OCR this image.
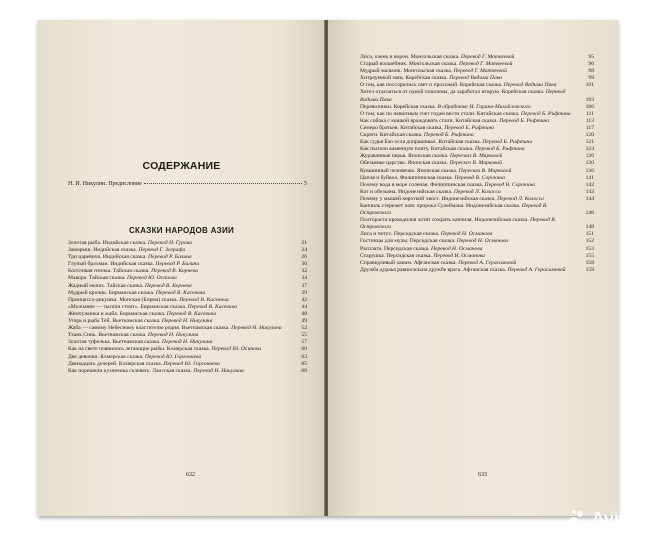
СОДЕРЖАНИЕ
Н. И. Никулин. Предисловие	5
СКАЗКИ НАРОДОВ АЗИИ
Золотая рыба. Индийская сказка. Перевод Н. Гурова	21
Заморыш. Индийская сказка. Перевод Г. Зографа	24
Три царевича. Индийская сказка. Перевод Р. Балина	26
Глупый брахман. Индийская сказка. Перевод Р. Балина	30
Болтливая птичка. Тайская сказка. Перевод В. Корнева	32
Мавора. Тайская сказка. Перевод Ю. Осипова	34
Жадный монах. Тайская сказка. Перевод В. Корнева	37
Мудрый кролик. Бирманская сказка. Перевод В. Касевича	39
Принцесса-дикушка. Монская (Бирма) сказка. Перевод В. Касевича	42
«Молчание — тысячи стоит». Бирманская сказка. Перевод В. Касевича	44
Жемчужинка и жаба. Бирманская сказка. Перевод В. Касевича	48
Угорь и рыба Тей. Вьетнамская сказка. Перевод Н. Никулина	49
Жаба — самому Небесному властителю родня. Вьетнамская сказка. Перевод Н. Никулина	52
Тхань Синь. Вьетнамская сказка. Перевод Н. Никулина	55
Золотая туфелька. Вьетнамская сказка. Перевод Н. Никулина	57
Как на свете появились летающие рыбы. Кхмерская сказка. Перевод Ю. Осипова	60
Две девочки. Кхмерская сказка. Перевод Ю. Горгониева	63
Двенадцать дочерей. Кхмерская сказка. Перевод Ю. Горгониева	65
Как порешили кузнечика склевать. Лаосская сказка. Перевод Н. Никулина	68
632
Лиса, олень и ворон. Монгольская сказка. Перевод Г. Матвеевой	95
Старый волшебник. Монгольская сказка. Перевод Г. Матвеевой	96
Мудрый мальчик. Монгольская сказка. Перевод Г. Матвеевой	98
Хитроумный заяц. Корейская сказка. Перевод Вадима Пака	99
О том, как поссорились свет и прохожий. Корейская сказка. Перевод Вадима Пака	101
Хотел отделаться от одной пошлины, да заработал вторую. Корейская сказка. Перевод Вадима Пака	103
Перевозчики. Корейская сказка. В обработке Н. Гарина-Михайловского	106
О том, как по животным счет годам вести стали. Китайская сказка. Перевод Б. Рифтина	111
Как собака с кошкой враждовать стали. Китайская сказка. Перевод Б. Рифтина	113
Семеро братьев. Китайская сказка. Перевод Б. Рифтина	117
Скряги. Китайская сказка. Перевод Б. Рифтина	120
Как судья Бао осла допрашивал. Китайская сказка. Перевод Б. Рифтина	121
Как пытали каменную плиту. Китайская сказка. Перевод Б. Рифтина	124
Журавлиные перья. Японская сказка. Пересказ В. Марковой	126
Обезьянье царство. Японская сказка. Пересказ В. Марковой	130
Кувшинный человечек. Японская сказка. Пересказ В. Марковой	136
Цапля и буйвол. Филиппинская сказка. Перевод В. Сорокина	141
Почему вода в море соленая. Филиппинская сказка. Перевод В. Сорокина	142
Кот и обезьяна. Индонезийская сказка. Перевод Л. Колосса	143
Почему у мышей короткий хвост. Индонезийская сказка. Перевод Л. Колосса	144
Канчиль стережет пояс пророка Сулеймана. Индонезийская сказка. Перевод В. Островского	146
Полтораста крокодилов хотят сожрать канчиля. Индонезийская сказка. Перевод В. Островского	148
Лиса и петух. Персидская сказка. Перевод Н. Османова	151
Гостинцы для мулы. Персидская сказка. Перевод Н. Османова	152
Расплата. Персидская сказка. Перевод Н. Османова	153
Старушка. Персидская сказка. Перевод Н. Османова	155
Справедливый хаким. Афганская сказка. Перевод А. Герасимовой	158
Дружба дурака равносильна дружбе врага. Афганская сказка. Перевод А. Герасимовой	159
633
Avito
